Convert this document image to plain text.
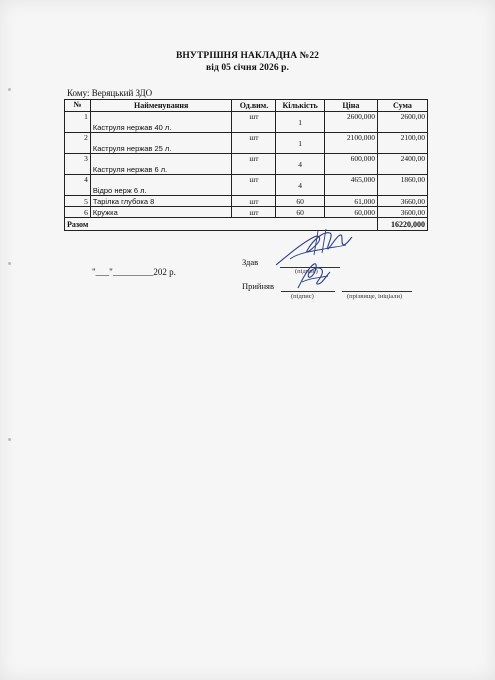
ВНУТРІШНЯ НАКЛАДНА №22
від 05 січня 2026 р.
Кому: Веряцький ЗДО
№	Найменування	Од.вим.	Кількість	Ціна	Сума
1	Каструля нержав 40 л.	шт	1	2600,000	2600,00
2	Каструля нержав 25 л.	шт	1	2100,000	2100,00
3	Каструля нержав 6 л.	шт	4	600,000	2400,00
4	Відро нерж 6 л.	шт	4	465,000	1860,00
5	Тарілка глубока 8	шт	60	61,000	3660,00
6	Кружка	шт	60	60,000	3600,00
Разом					16220,000
"___"_________202 р.
Здав
(підпис)
Прийняв
(підпис)	(прізвище, ініціали)
